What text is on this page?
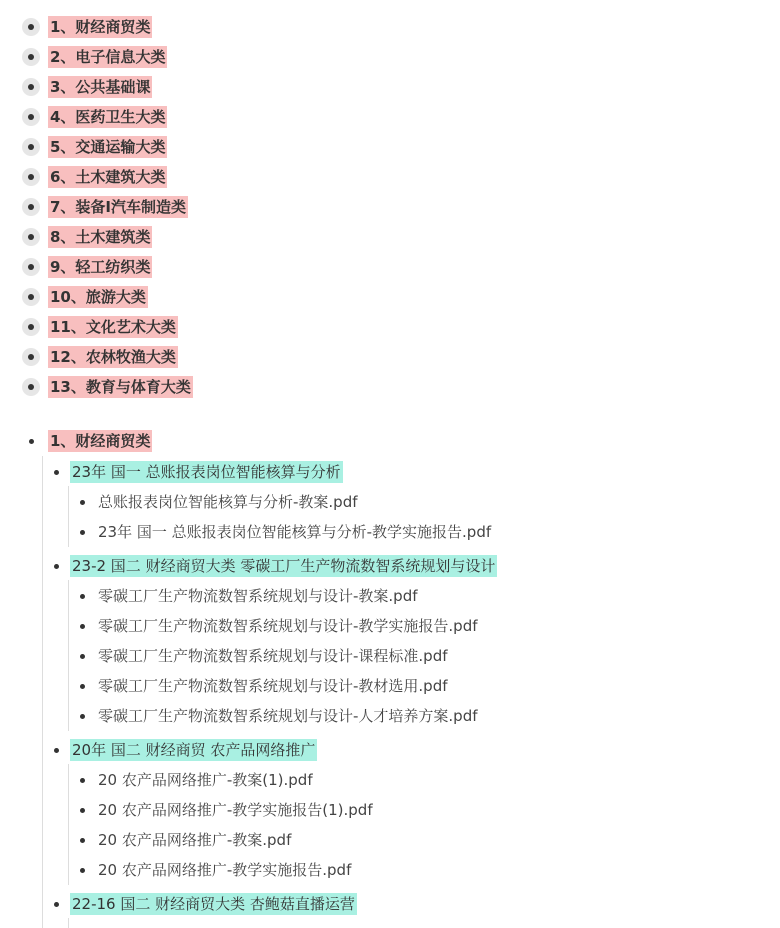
1、财经商贸类
2、电子信息大类
3、公共基础课
4、医药卫生大类
5、交通运输大类
6、土木建筑大类
7、装备I汽车制造类
8、土木建筑类
9、轻工纺织类
10、旅游大类
11、文化艺术大类
12、农林牧渔大类
13、教育与体育大类
1、财经商贸类
23年 国一 总账报表岗位智能核算与分析
总账报表岗位智能核算与分析-教案.pdf
23年 国一 总账报表岗位智能核算与分析-教学实施报告.pdf
23-2 国二 财经商贸大类 零碳工厂生产物流数智系统规划与设计
零碳工厂生产物流数智系统规划与设计-教案.pdf
零碳工厂生产物流数智系统规划与设计-教学实施报告.pdf
零碳工厂生产物流数智系统规划与设计-课程标准.pdf
零碳工厂生产物流数智系统规划与设计-教材选用.pdf
零碳工厂生产物流数智系统规划与设计-人才培养方案.pdf
20年 国二 财经商贸 农产品网络推广
20 农产品网络推广-教案(1).pdf
20 农产品网络推广-教学实施报告(1).pdf
20 农产品网络推广-教案.pdf
20 农产品网络推广-教学实施报告.pdf
22-16 国二 财经商贸大类 杏鲍菇直播运营
